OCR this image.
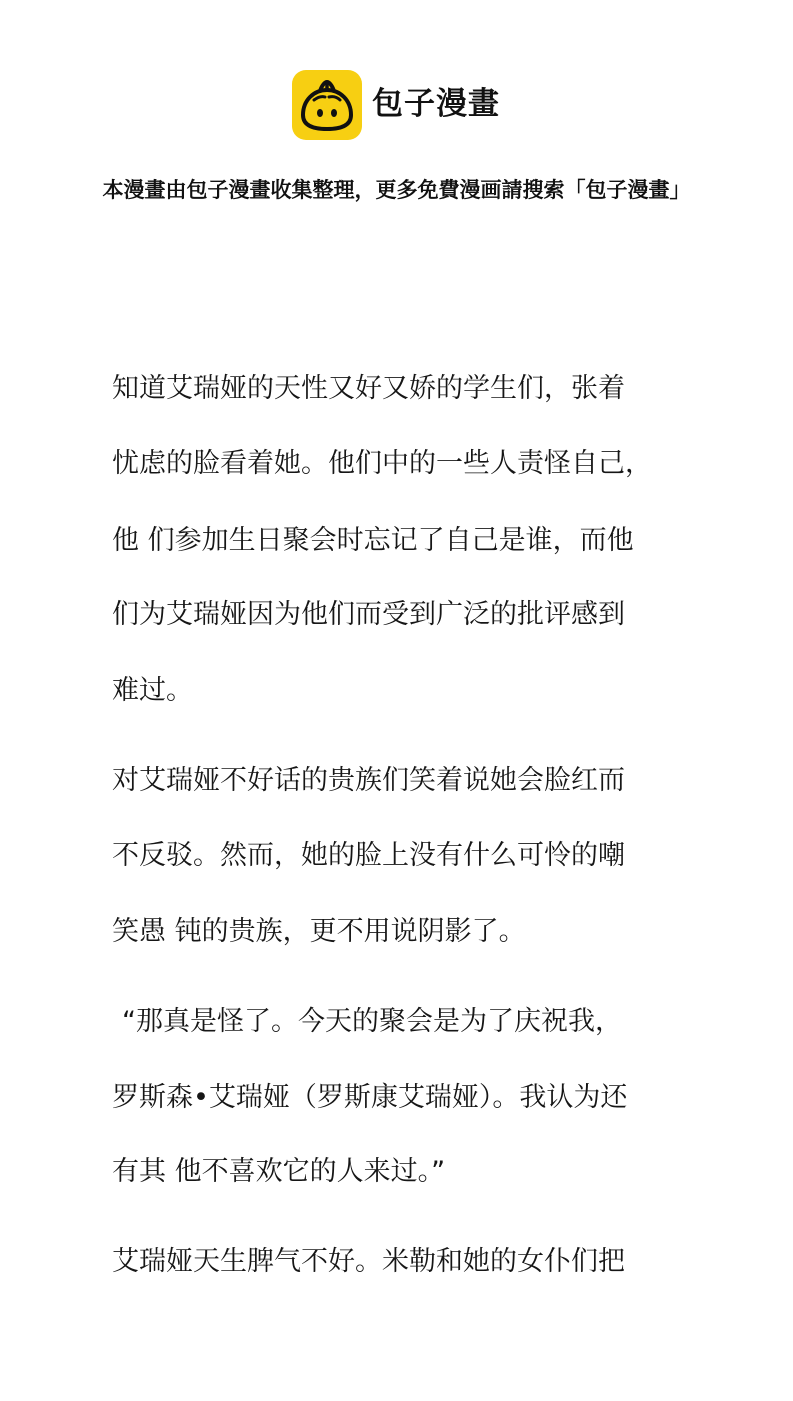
包子漫畫
本漫畫由包子漫畫收集整理，更多免費漫画請搜索「包子漫畫」
知道艾瑞娅的天性又好又娇的学生们，张着
忧虑的脸看着她。他们中的一些人责怪自己，
他 们参加生日聚会时忘记了自己是谁，而他
们为艾瑞娅因为他们而受到广泛的批评感到
难过。
对艾瑞娅不好话的贵族们笑着说她会脸红而
不反驳。然而，她的脸上没有什么可怜的嘲
笑愚 钝的贵族，更不用说阴影了。
“那真是怪了。今天的聚会是为了庆祝我，
罗斯森•艾瑞娅（罗斯康艾瑞娅）。我认为还
有其 他不喜欢它的人来过。”
艾瑞娅天生脾气不好。米勒和她的女仆们把
